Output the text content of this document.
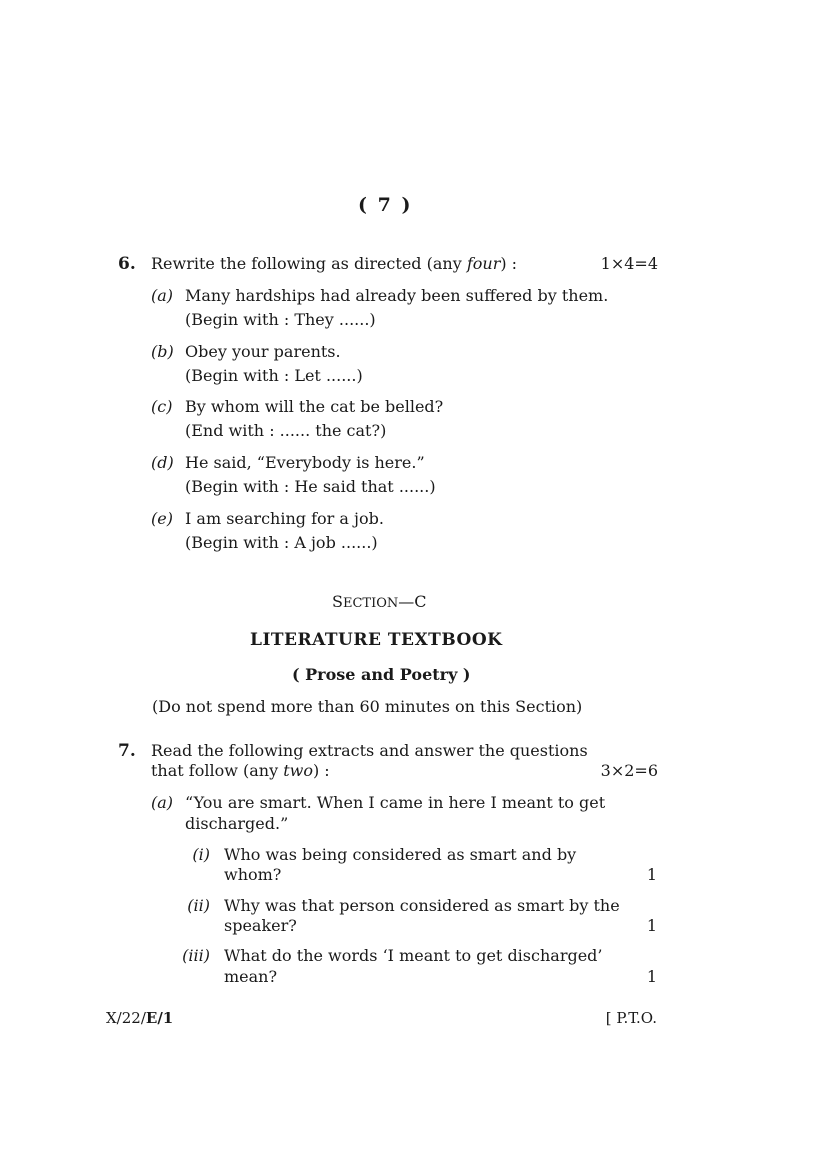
( 7 )
6. Rewrite the following as directed (any four) :	1×4=4
(a) Many hardships had already been suffered by them.
(Begin with : They ......)
(b) Obey your parents.
(Begin with : Let ......)
(c) By whom will the cat be belled?
(End with : ...... the cat?)
(d) He said, “Everybody is here.”
(Begin with : He said that ......)
(e) I am searching for a job.
(Begin with : A job ......)
SECTION—C
LITERATURE TEXTBOOK
( Prose and Poetry )
(Do not spend more than 60 minutes on this Section)
7. Read the following extracts and answer the questions
that follow (any two) :	3×2=6
(a) “You are smart. When I came in here I meant to get
discharged.”
(i) Who was being considered as smart and by
whom?	1
(ii) Why was that person considered as smart by the
speaker?	1
(iii) What do the words ‘I meant to get discharged’
mean?	1
X/22/E/1	[ P.T.O.
